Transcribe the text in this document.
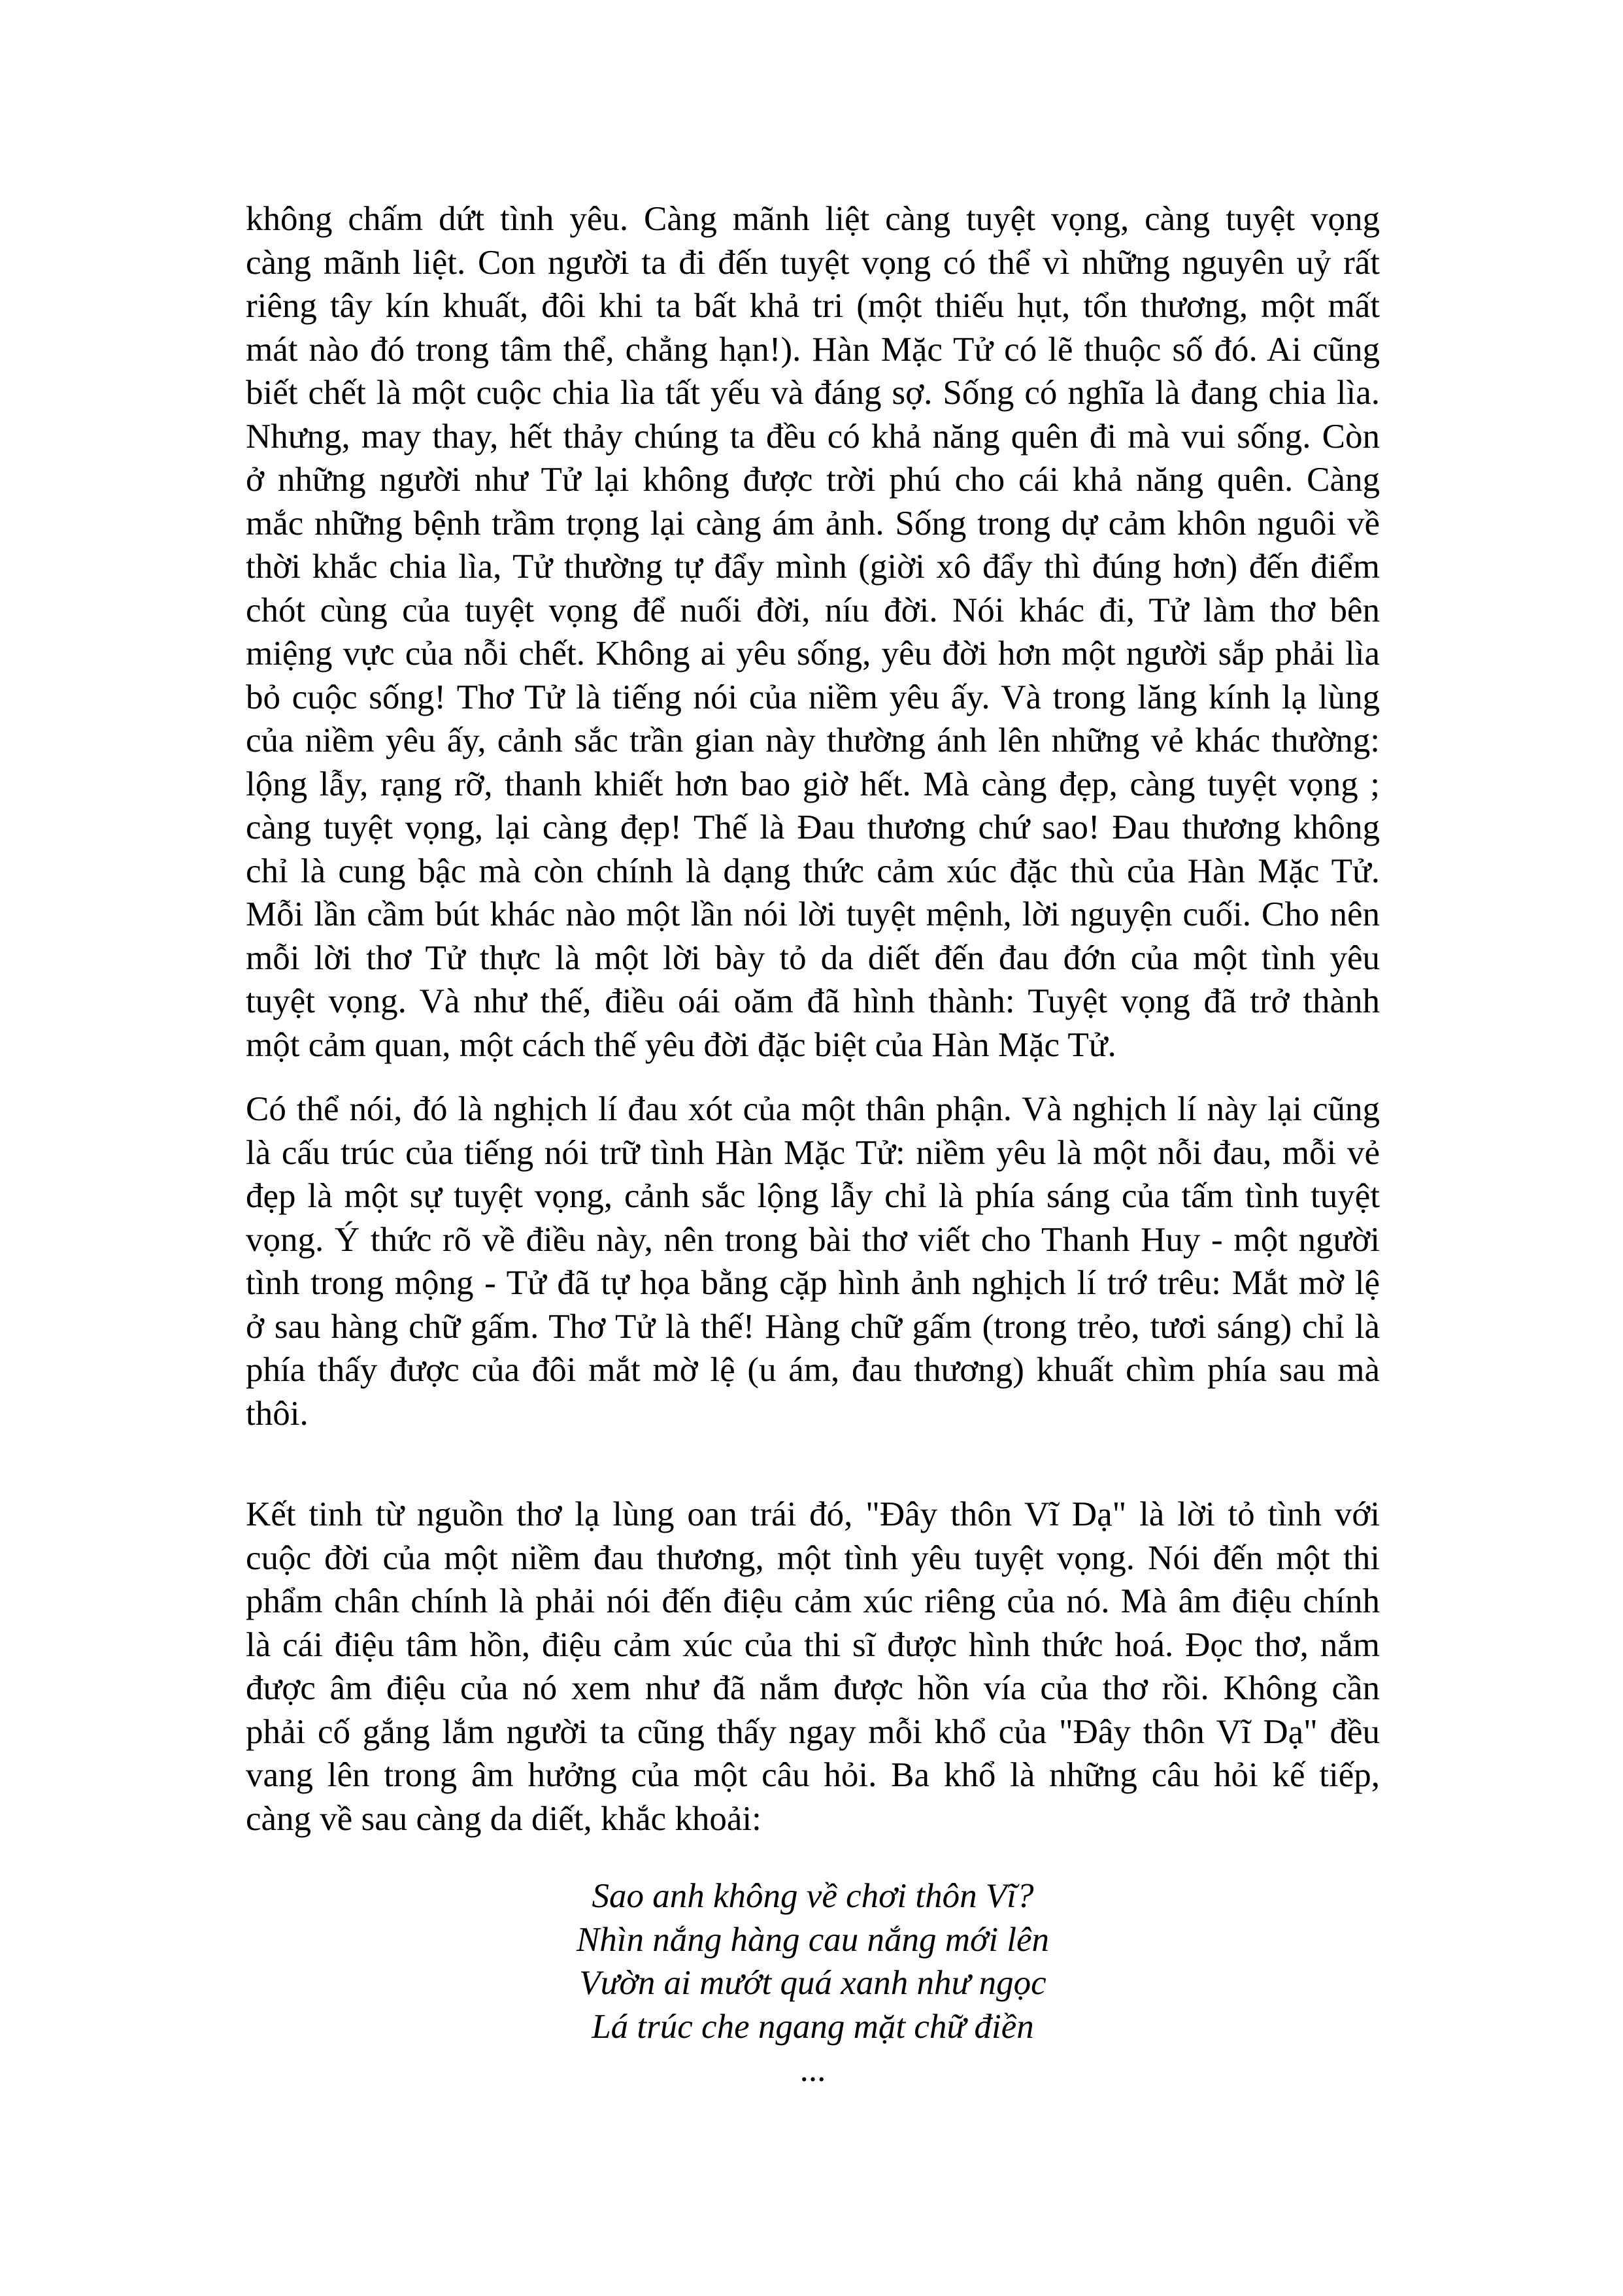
không chấm dứt tình yêu. Càng mãnh liệt càng tuyệt vọng, càng tuyệt vọng
càng mãnh liệt. Con người ta đi đến tuyệt vọng có thể vì những nguyên uỷ rất
riêng tây kín khuất, đôi khi ta bất khả tri (một thiếu hụt, tổn thương, một mất
mát nào đó trong tâm thể, chẳng hạn!). Hàn Mặc Tử có lẽ thuộc số đó. Ai cũng
biết chết là một cuộc chia lìa tất yếu và đáng sợ. Sống có nghĩa là đang chia lìa.
Nhưng, may thay, hết thảy chúng ta đều có khả năng quên đi mà vui sống. Còn
ở những người như Tử lại không được trời phú cho cái khả năng quên. Càng
mắc những bệnh trầm trọng lại càng ám ảnh. Sống trong dự cảm khôn nguôi về
thời khắc chia lìa, Tử thường tự đẩy mình (giời xô đẩy thì đúng hơn) đến điểm
chót cùng của tuyệt vọng để nuối đời, níu đời. Nói khác đi, Tử làm thơ bên
miệng vực của nỗi chết. Không ai yêu sống, yêu đời hơn một người sắp phải lìa
bỏ cuộc sống! Thơ Tử là tiếng nói của niềm yêu ấy. Và trong lăng kính lạ lùng
của niềm yêu ấy, cảnh sắc trần gian này thường ánh lên những vẻ khác thường:
lộng lẫy, rạng rỡ, thanh khiết hơn bao giờ hết. Mà càng đẹp, càng tuyệt vọng ;
càng tuyệt vọng, lại càng đẹp! Thế là Đau thương chứ sao! Đau thương không
chỉ là cung bậc mà còn chính là dạng thức cảm xúc đặc thù của Hàn Mặc Tử.
Mỗi lần cầm bút khác nào một lần nói lời tuyệt mệnh, lời nguyện cuối. Cho nên
mỗi lời thơ Tử thực là một lời bày tỏ da diết đến đau đớn của một tình yêu
tuyệt vọng. Và như thế, điều oái oăm đã hình thành: Tuyệt vọng đã trở thành
một cảm quan, một cách thế yêu đời đặc biệt của Hàn Mặc Tử.
Có thể nói, đó là nghịch lí đau xót của một thân phận. Và nghịch lí này lại cũng
là cấu trúc của tiếng nói trữ tình Hàn Mặc Tử: niềm yêu là một nỗi đau, mỗi vẻ
đẹp là một sự tuyệt vọng, cảnh sắc lộng lẫy chỉ là phía sáng của tấm tình tuyệt
vọng. Ý thức rõ về điều này, nên trong bài thơ viết cho Thanh Huy - một người
tình trong mộng - Tử đã tự họa bằng cặp hình ảnh nghịch lí trớ trêu: Mắt mờ lệ
ở sau hàng chữ gấm. Thơ Tử là thế! Hàng chữ gấm (trong trẻo, tươi sáng) chỉ là
phía thấy được của đôi mắt mờ lệ (u ám, đau thương) khuất chìm phía sau mà
thôi.
Kết tinh từ nguồn thơ lạ lùng oan trái đó, "Đây thôn Vĩ Dạ" là lời tỏ tình với
cuộc đời của một niềm đau thương, một tình yêu tuyệt vọng. Nói đến một thi
phẩm chân chính là phải nói đến điệu cảm xúc riêng của nó. Mà âm điệu chính
là cái điệu tâm hồn, điệu cảm xúc của thi sĩ được hình thức hoá. Đọc thơ, nắm
được âm điệu của nó xem như đã nắm được hồn vía của thơ rồi. Không cần
phải cố gắng lắm người ta cũng thấy ngay mỗi khổ của "Đây thôn Vĩ Dạ" đều
vang lên trong âm hưởng của một câu hỏi. Ba khổ là những câu hỏi kế tiếp,
càng về sau càng da diết, khắc khoải:
Sao anh không về chơi thôn Vĩ?
Nhìn nắng hàng cau nắng mới lên
Vườn ai mướt quá xanh như ngọc
Lá trúc che ngang mặt chữ điền
...
